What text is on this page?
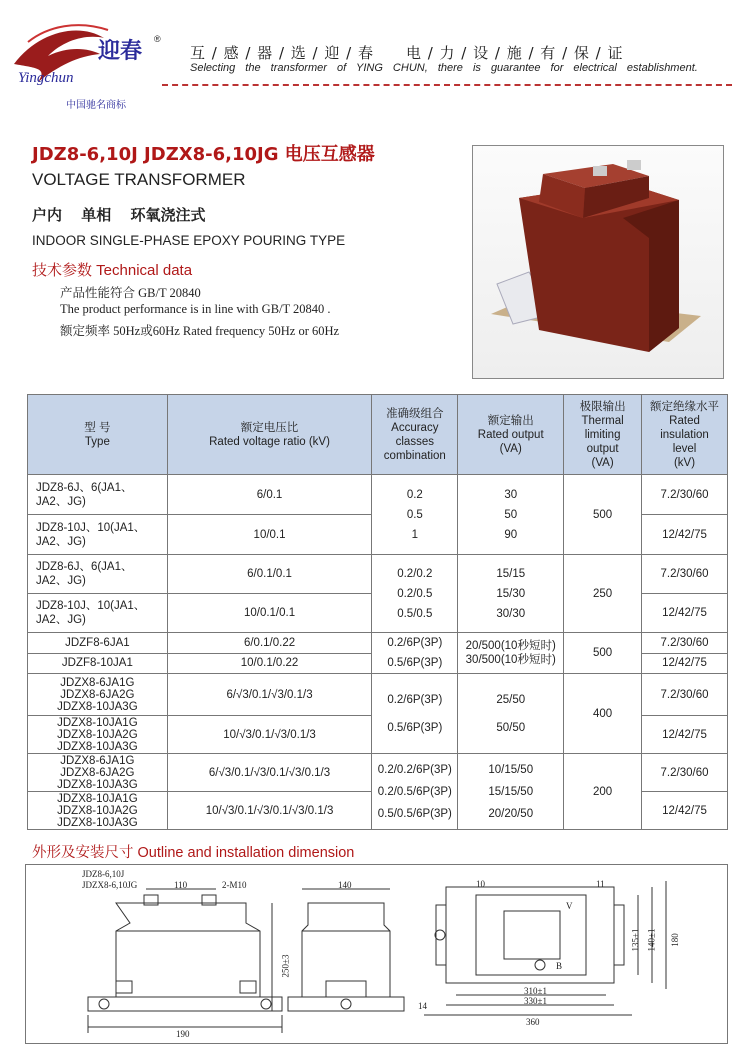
迎春
Yingchun
®
中国驰名商标
互 / 感 / 器 / 选 / 迎 / 春　　电 / 力 / 设 / 施 / 有 / 保 / 证
Selecting the transformer of YING CHUN, there is guarantee for electrical establishment.
JDZ8-6,10J JDZX8-6,10JG 电压互感器
VOLTAGE TRANSFORMER
户内 单相 环氧浇注式
INDOOR SINGLE-PHASE EPOXY POURING TYPE
技术参数 Technical data
产品性能符合 GB/T 20840
The product performance is in line with GB/T 20840 .
额定频率 50Hz或60Hz Rated frequency 50Hz or 60Hz
型 号
Type	额定电压比
Rated voltage ratio (kV)	准确级组合
Accuracy
classes
combination	额定输出
Rated output
(VA)	极限输出
Thermal
limiting
output
(VA)	额定绝缘水平
Rated
insulation
level
(kV)
JDZ8-6J、6(JA1、
JA2、JG)	6/0.1	0.2
0.5
1	30
50
90	500	7.2/30/60
JDZ8-10J、10(JA1、
JA2、JG)	10/0.1				12/42/75
JDZ8-6J、6(JA1、
JA2、JG)	6/0.1/0.1	0.2/0.2
0.2/0.5
0.5/0.5	15/15
15/30
30/30	250	7.2/30/60
JDZ8-10J、10(JA1、
JA2、JG)	10/0.1/0.1				12/42/75
JDZF8-6JA1	6/0.1/0.22	0.2/6P(3P)
0.5/6P(3P)	20/500(10秒短时)
30/500(10秒短时)	500	7.2/30/60
JDZF8-10JA1	10/0.1/0.22				12/42/75
JDZX8-6JA1G
JDZX8-6JA2G
JDZX8-10JA3G	6/√3/0.1/√3/0.1/3	0.2/6P(3P)
0.5/6P(3P)	25/50
50/50	400	7.2/30/60
JDZX8-10JA1G
JDZX8-10JA2G
JDZX8-10JA3G	10/√3/0.1/√3/0.1/3				12/42/75
JDZX8-6JA1G
JDZX8-6JA2G
JDZX8-10JA3G	6/√3/0.1/√3/0.1/√3/0.1/3	0.2/0.2/6P(3P)
0.2/0.5/6P(3P)
0.5/0.5/6P(3P)	10/15/50
15/15/50
20/20/50	200	7.2/30/60
JDZX8-10JA1G
JDZX8-10JA2G
JDZX8-10JA3G	10/√3/0.1/√3/0.1/√3/0.1/3				12/42/75
外形及安装尺寸 Outline and installation dimension
JDZ8-6,10J
JDZX8-6,10JG	110	2-M10
250±3
190
140	10	11
135±1 140±1 180
310±1
330±1
360
14
V
B
